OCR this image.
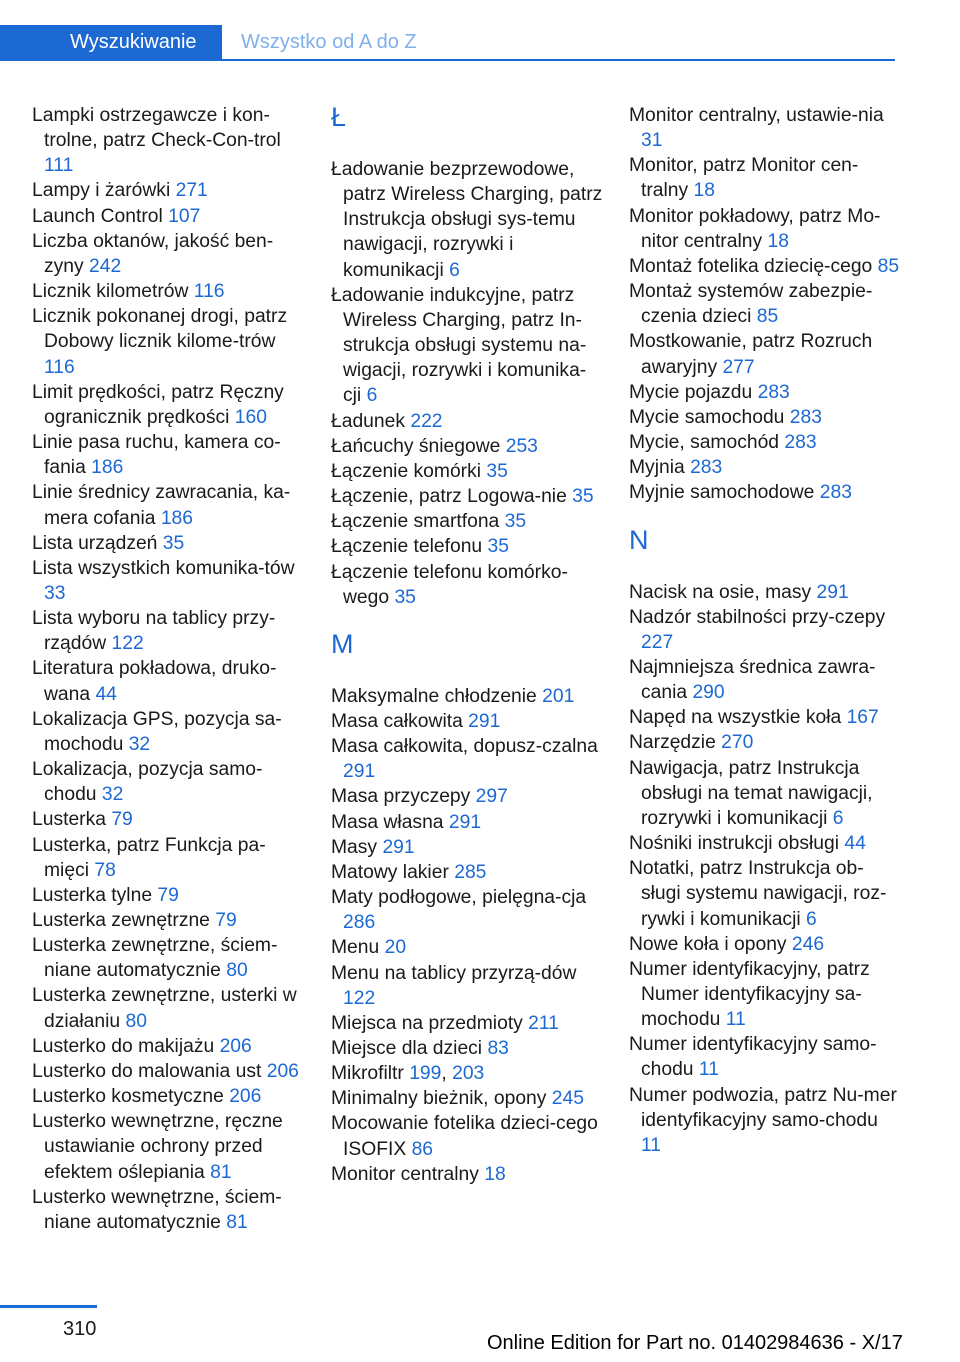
Wyszukiwanie	Wszystko od A do Z
Lampki ostrzegawcze i kon-trolne, patrz Check-Con-trol 111
Lampy i żarówki 271
Launch Control 107
Liczba oktanów, jakość ben-zyny 242
Licznik kilometrów 116
Licznik pokonanej drogi, patrz Dobowy licznik kilome-trów 116
Limit prędkości, patrz Ręczny ogranicznik prędkości 160
Linie pasa ruchu, kamera co-fania 186
Linie średnicy zawracania, ka-mera cofania 186
Lista urządzeń 35
Lista wszystkich komunika-tów 33
Lista wyboru na tablicy przy-rządów 122
Literatura pokładowa, druko-wana 44
Lokalizacja GPS, pozycja sa-mochodu 32
Lokalizacja, pozycja samo-chodu 32
Lusterka 79
Lusterka, patrz Funkcja pa-mięci 78
Lusterka tylne 79
Lusterka zewnętrzne 79
Lusterka zewnętrzne, ściem-niane automatycznie 80
Lusterka zewnętrzne, usterki w działaniu 80
Lusterko do makijażu 206
Lusterko do malowania ust 206
Lusterko kosmetyczne 206
Lusterko wewnętrzne, ręczne ustawianie ochrony przed efektem oślepiania 81
Lusterko wewnętrzne, ściem-niane automatycznie 81
Ł
Ładowanie bezprzewodowe, patrz Wireless Charging, patrz Instrukcja obsługi sys-temu nawigacji, rozrywki i komunikacji 6
Ładowanie indukcyjne, patrz Wireless Charging, patrz In-strukcja obsługi systemu na-wigacji, rozrywki i komunika-cji 6
Ładunek 222
Łańcuchy śniegowe 253
Łączenie komórki 35
Łączenie, patrz Logowa-nie 35
Łączenie smartfona 35
Łączenie telefonu 35
Łączenie telefonu komórko-wego 35
M
Maksymalne chłodzenie 201
Masa całkowita 291
Masa całkowita, dopusz-czalna 291
Masa przyczepy 297
Masa własna 291
Masy 291
Matowy lakier 285
Maty podłogowe, pielęgna-cja 286
Menu 20
Menu na tablicy przyrzą-dów 122
Miejsca na przedmioty 211
Miejsce dla dzieci 83
Mikrofiltr 199, 203
Minimalny bieżnik, opony 245
Mocowanie fotelika dzieci-cego ISOFIX 86
Monitor centralny 18
Monitor centralny, ustawie-nia 31
Monitor, patrz Monitor cen-tralny 18
Monitor pokładowy, patrz Mo-nitor centralny 18
Montaż fotelika dziecię-cego 85
Montaż systemów zabezpie-czenia dzieci 85
Mostkowanie, patrz Rozruch awaryjny 277
Mycie pojazdu 283
Mycie samochodu 283
Mycie, samochód 283
Myjnia 283
Myjnie samochodowe 283
N
Nacisk na osie, masy 291
Nadzór stabilności przy-czepy 227
Najmniejsza średnica zawra-cania 290
Napęd na wszystkie koła 167
Narzędzie 270
Nawigacja, patrz Instrukcja obsługi na temat nawigacji, rozrywki i komunikacji 6
Nośniki instrukcji obsługi 44
Notatki, patrz Instrukcja ob-sługi systemu nawigacji, roz-rywki i komunikacji 6
Nowe koła i opony 246
Numer identyfikacyjny, patrz Numer identyfikacyjny sa-mochodu 11
Numer identyfikacyjny samo-chodu 11
Numer podwozia, patrz Nu-mer identyfikacyjny samo-chodu 11
310
Online Edition for Part no. 01402984636 - X/17
